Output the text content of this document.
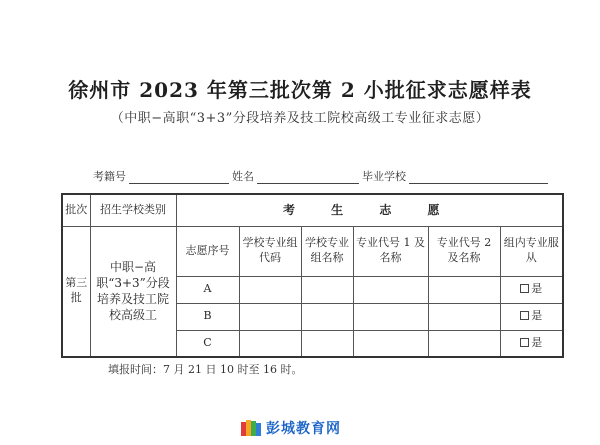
徐州市 2023 年第三批次第 2 小批征求志愿样表
（中职−高职“3+3”分段培养及技工院校高级工专业征求志愿）
考籍号	姓名	毕业学校
批次	招生学校类别	考 生 志 愿					
第三批	中职−高职“3+3”分段培养及技工院校高级工	志愿序号	学校专业组代码	学校专业组名称	专业代号 1 及名称	专业代号 2 及名称	组内专业服从
		A					是
		B					是
		C					是
填报时间：7 月 21 日 10 时至 16 时。
彭城教育网
